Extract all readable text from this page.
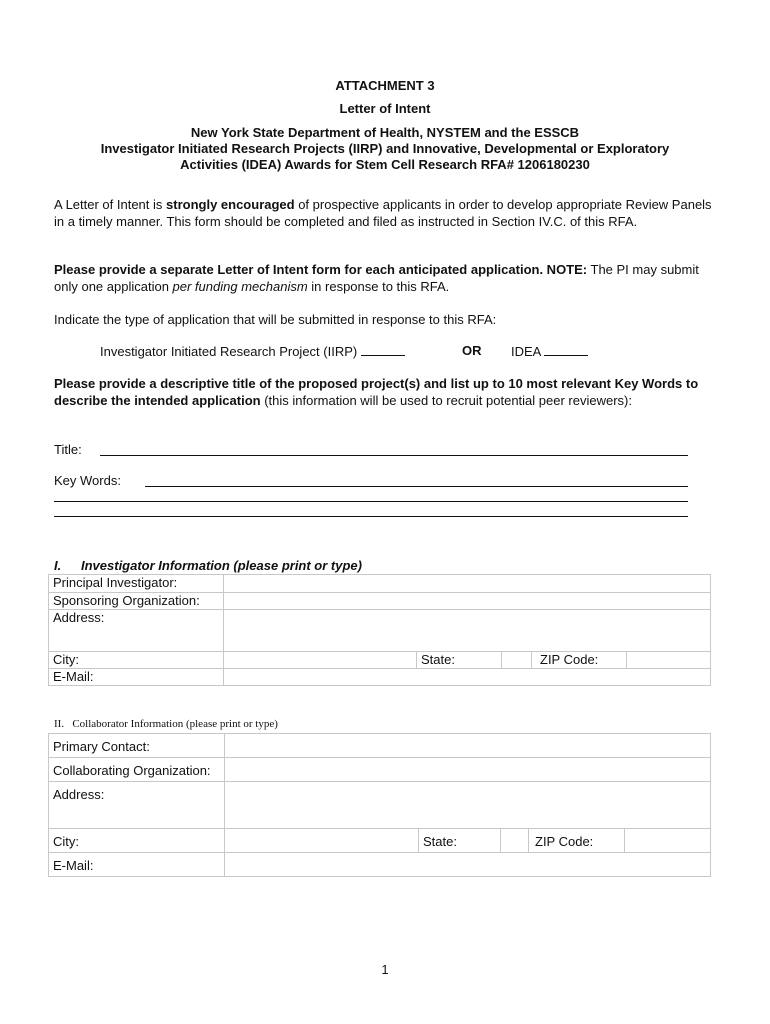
ATTACHMENT 3
Letter of Intent
New York State Department of Health, NYSTEM and the ESSCB
Investigator Initiated Research Projects (IIRP) and Innovative, Developmental or Exploratory
Activities (IDEA) Awards for Stem Cell Research RFA# 1206180230
A Letter of Intent is strongly encouraged of prospective applicants in order to develop appropriate Review Panels in a timely manner. This form should be completed and filed as instructed in Section IV.C. of this RFA.
Please provide a separate Letter of Intent form for each anticipated application. NOTE: The PI may submit only one application per funding mechanism in response to this RFA.
Indicate the type of application that will be submitted in response to this RFA:
Investigator Initiated Research Project (IIRP)	OR IDEA
Please provide a descriptive title of the proposed project(s) and list up to 10 most relevant Key Words to describe the intended application (this information will be used to recruit potential peer reviewers):
Title:
Key Words:
I. Investigator Information (please print or type)
Principal Investigator:					
Sponsoring Organization:					
Address:					
City:		State:		ZIP Code:	
E-Mail:					
II.   Collaborator Information (please print or type)
Primary Contact:					
Collaborating Organization:					
Address:					
City:		State:		ZIP Code:	
E-Mail:					
1
